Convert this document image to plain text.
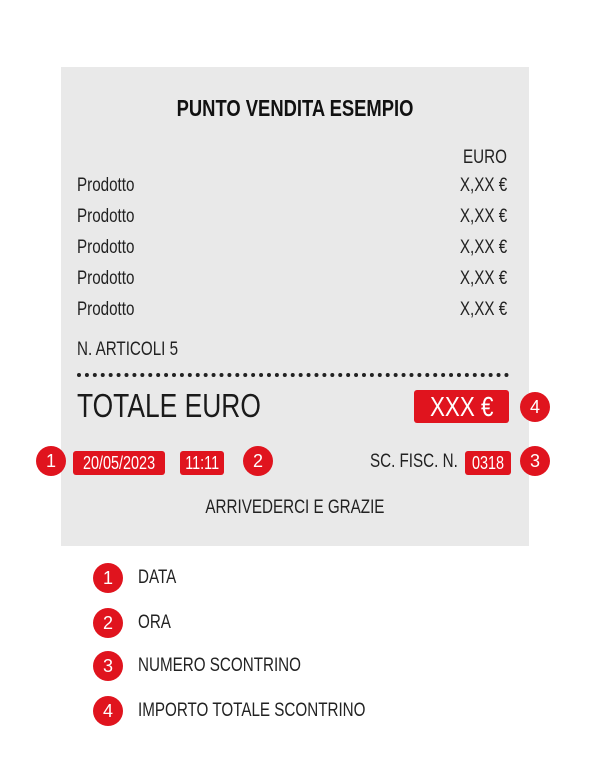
PUNTO VENDITA ESEMPIO
EURO
Prodotto	X,XX €
Prodotto	X,XX €
Prodotto	X,XX €
Prodotto	X,XX €
Prodotto	X,XX €
N. ARTICOLI 5
TOTALE EURO	XXX €
20/05/2023	11:11	SC. FISC. N. 0318
ARRIVEDERCI E GRAZIE
1	2	3
4
1	DATA
2	ORA
3	NUMERO SCONTRINO
4	IMPORTO TOTALE SCONTRINO
